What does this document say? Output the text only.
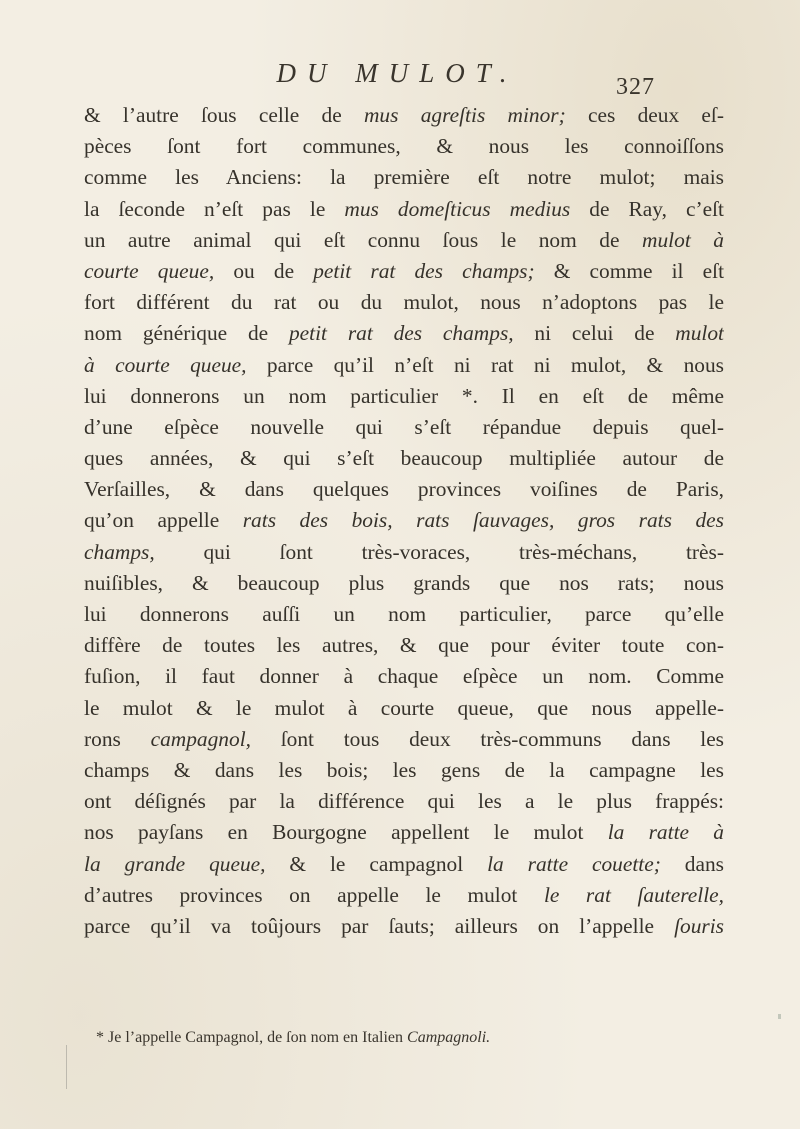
DU MULOT.	327
& l’autre ſous celle de mus agreſtis minor; ces deux eſ-
pèces ſont fort communes, & nous les connoiſſons
comme les Anciens: la première eſt notre mulot; mais
la ſeconde n’eſt pas le mus domeſticus medius de Ray, c’eſt
un autre animal qui eſt connu ſous le nom de mulot à
courte queue, ou de petit rat des champs; & comme il eſt
fort différent du rat ou du mulot, nous n’adoptons pas le
nom générique de petit rat des champs, ni celui de mulot
à courte queue, parce qu’il n’eſt ni rat ni mulot, & nous
lui donnerons un nom particulier *. Il en eſt de même
d’une eſpèce nouvelle qui s’eſt répandue depuis quel-
ques années, & qui s’eſt beaucoup multipliée autour de
Verſailles, & dans quelques provinces voiſines de Paris,
qu’on appelle rats des bois, rats ſauvages, gros rats des
champs, qui ſont très-voraces, très-méchans, très-
nuiſibles, & beaucoup plus grands que nos rats; nous
lui donnerons auſſi un nom particulier, parce qu’elle
diffère de toutes les autres, & que pour éviter toute con-
fuſion, il faut donner à chaque eſpèce un nom. Comme
le mulot & le mulot à courte queue, que nous appelle-
rons campagnol, ſont tous deux très-communs dans les
champs & dans les bois; les gens de la campagne les
ont déſignés par la différence qui les a le plus frappés:
nos payſans en Bourgogne appellent le mulot la ratte à
la grande queue, & le campagnol la ratte couette; dans
d’autres provinces on appelle le mulot le rat ſauterelle,
parce qu’il va toûjours par ſauts; ailleurs on l’appelle ſouris
* Je l’appelle Campagnol, de ſon nom en Italien Campagnoli.
